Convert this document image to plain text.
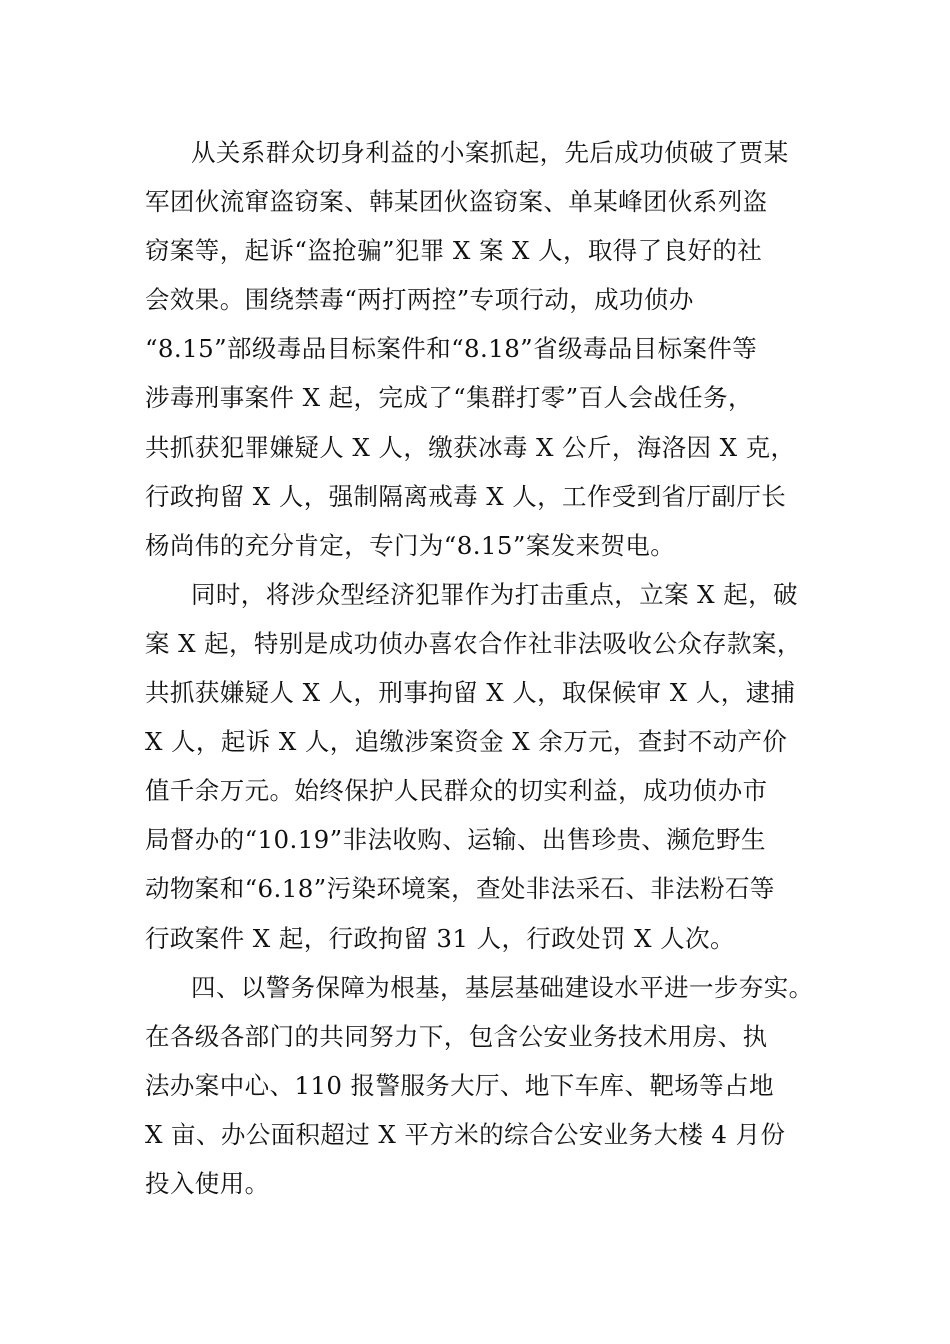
从关系群众切身利益的小案抓起，先后成功侦破了贾某
军团伙流窜盗窃案、韩某团伙盗窃案、单某峰团伙系列盗
窃案等，起诉“盗抢骗”犯罪 X 案 X 人，取得了良好的社
会效果。围绕禁毒“两打两控”专项行动，成功侦办
“8.15”部级毒品目标案件和“8.18”省级毒品目标案件等
涉毒刑事案件 X 起，完成了“集群打零”百人会战任务，
共抓获犯罪嫌疑人 X 人，缴获冰毒 X 公斤，海洛因 X 克，
行政拘留 X 人，强制隔离戒毒 X 人，工作受到省厅副厅长
杨尚伟的充分肯定，专门为“8.15”案发来贺电。
同时，将涉众型经济犯罪作为打击重点，立案 X 起，破
案 X 起，特别是成功侦办喜农合作社非法吸收公众存款案，
共抓获嫌疑人 X 人，刑事拘留 X 人，取保候审 X 人，逮捕
X 人，起诉 X 人，追缴涉案资金 X 余万元，查封不动产价
值千余万元。始终保护人民群众的切实利益，成功侦办市
局督办的“10.19”非法收购、运输、出售珍贵、濒危野生
动物案和“6.18”污染环境案，查处非法采石、非法粉石等
行政案件 X 起，行政拘留 31 人，行政处罚 X 人次。
四、以警务保障为根基，基层基础建设水平进一步夯实。
在各级各部门的共同努力下，包含公安业务技术用房、执
法办案中心、110 报警服务大厅、地下车库、靶场等占地
X 亩、办公面积超过 X 平方米的综合公安业务大楼 4 月份
投入使用。
